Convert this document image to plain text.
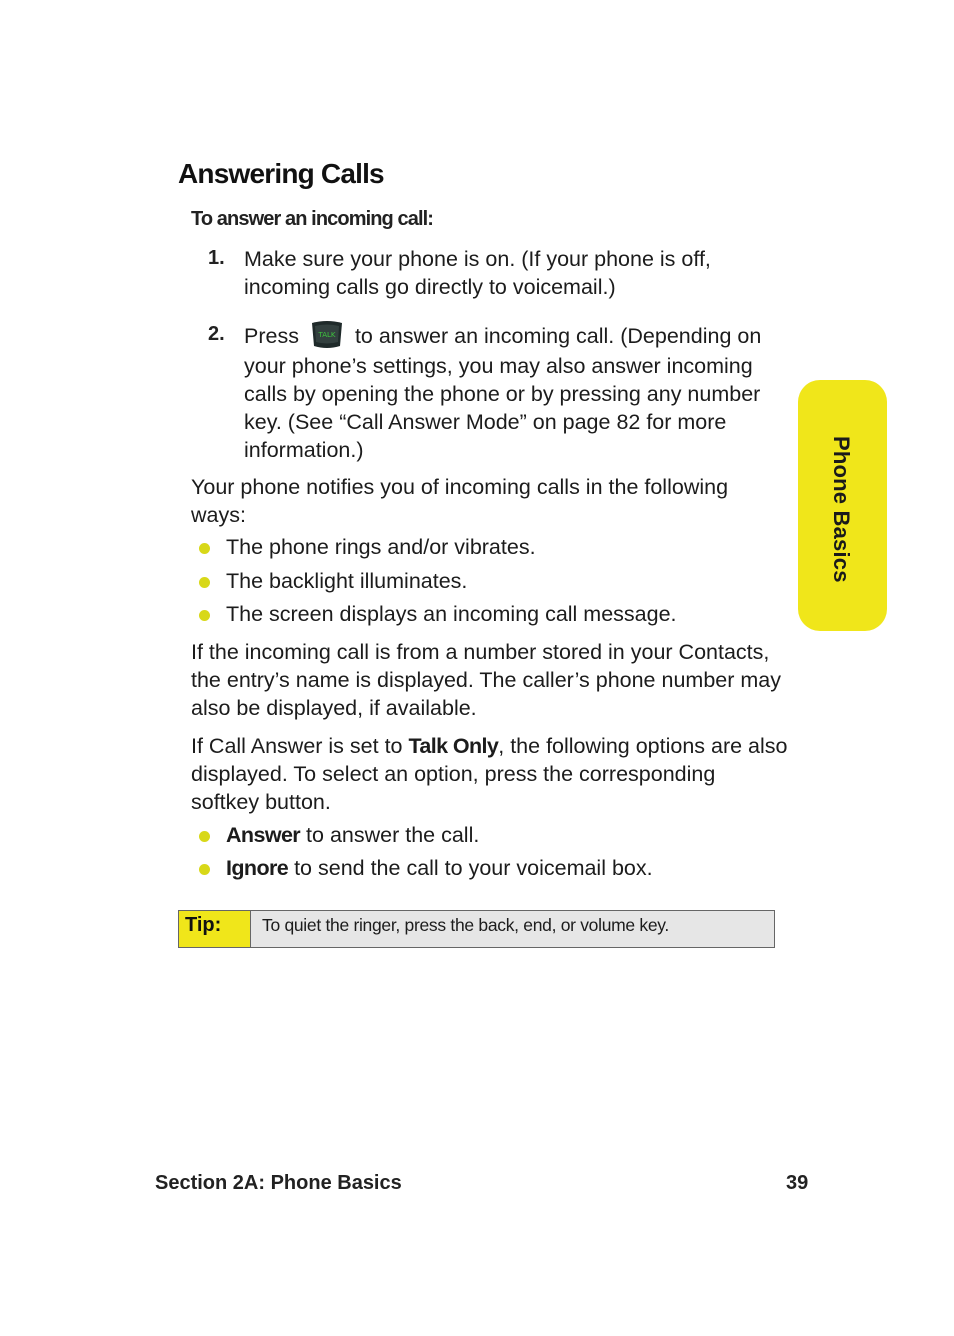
Answering Calls
To answer an incoming call:
1. Make sure your phone is on. (If your phone is off,
incoming calls go directly to voicemail.)
2. Press	TALK to answer an incoming call. (Depending on
your phone’s settings, you may also answer incoming
calls by opening the phone or by pressing any number
key. (See “Call Answer Mode” on page 82 for more
information.)
Your phone notifies you of incoming calls in the following
ways:
The phone rings and/or vibrates.
The backlight illuminates.
The screen displays an incoming call message.
If the incoming call is from a number stored in your Contacts,
the entry’s name is displayed. The caller’s phone number may
also be displayed, if available.
If Call Answer is set to Talk Only, the following options are also
displayed. To select an option, press the corresponding
softkey button.
Answer to answer the call.
Ignore to send the call to your voicemail box.
Tip:	To quiet the ringer, press the back, end, or volume key.
Phone Basics
Section 2A: Phone Basics	39
